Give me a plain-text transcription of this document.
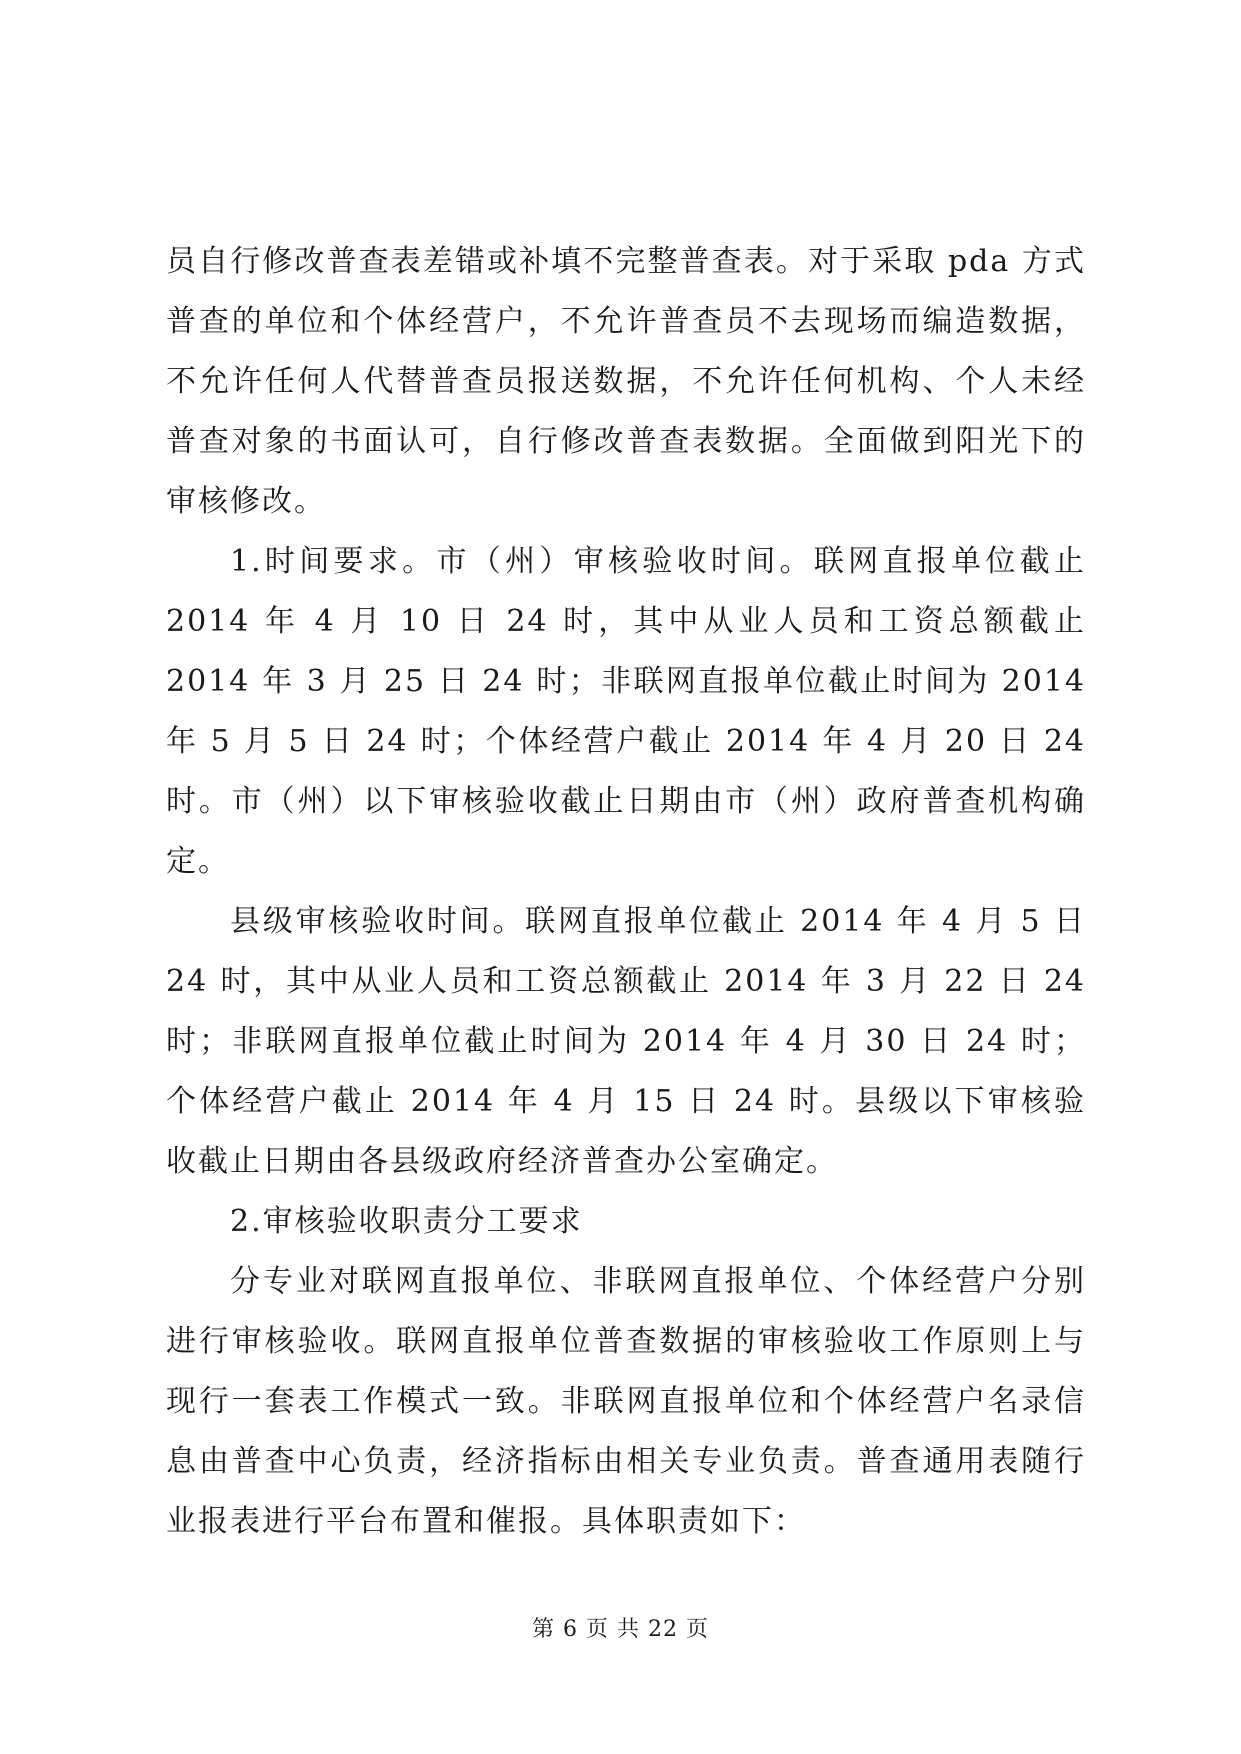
员自行修改普查表差错或补填不完整普查表。对于采取 pda 方式普查的单位和个体经营户，不允许普查员不去现场而编造数据，不允许任何人代替普查员报送数据，不允许任何机构、个人未经普查对象的书面认可，自行修改普查表数据。全面做到阳光下的审核修改。

1.时间要求。市（州）审核验收时间。联网直报单位截止 2014 年 4 月 10 日 24 时，其中从业人员和工资总额截止 2014 年 3 月 25 日 24 时；非联网直报单位截止时间为 2014 年 5 月 5 日 24 时；个体经营户截止 2014 年 4 月 20 日 24 时。市（州）以下审核验收截止日期由市（州）政府普查机构确定。

县级审核验收时间。联网直报单位截止 2014 年 4 月 5 日 24 时，其中从业人员和工资总额截止 2014 年 3 月 22 日 24 时；非联网直报单位截止时间为 2014 年 4 月 30 日 24 时；个体经营户截止 2014 年 4 月 15 日 24 时。县级以下审核验收截止日期由各县级政府经济普查办公室确定。

2.审核验收职责分工要求

分专业对联网直报单位、非联网直报单位、个体经营户分别进行审核验收。联网直报单位普查数据的审核验收工作原则上与现行一套表工作模式一致。非联网直报单位和个体经营户名录信息由普查中心负责，经济指标由相关专业负责。普查通用表随行业报表进行平台布置和催报。具体职责如下：

第 6 页 共 22 页
